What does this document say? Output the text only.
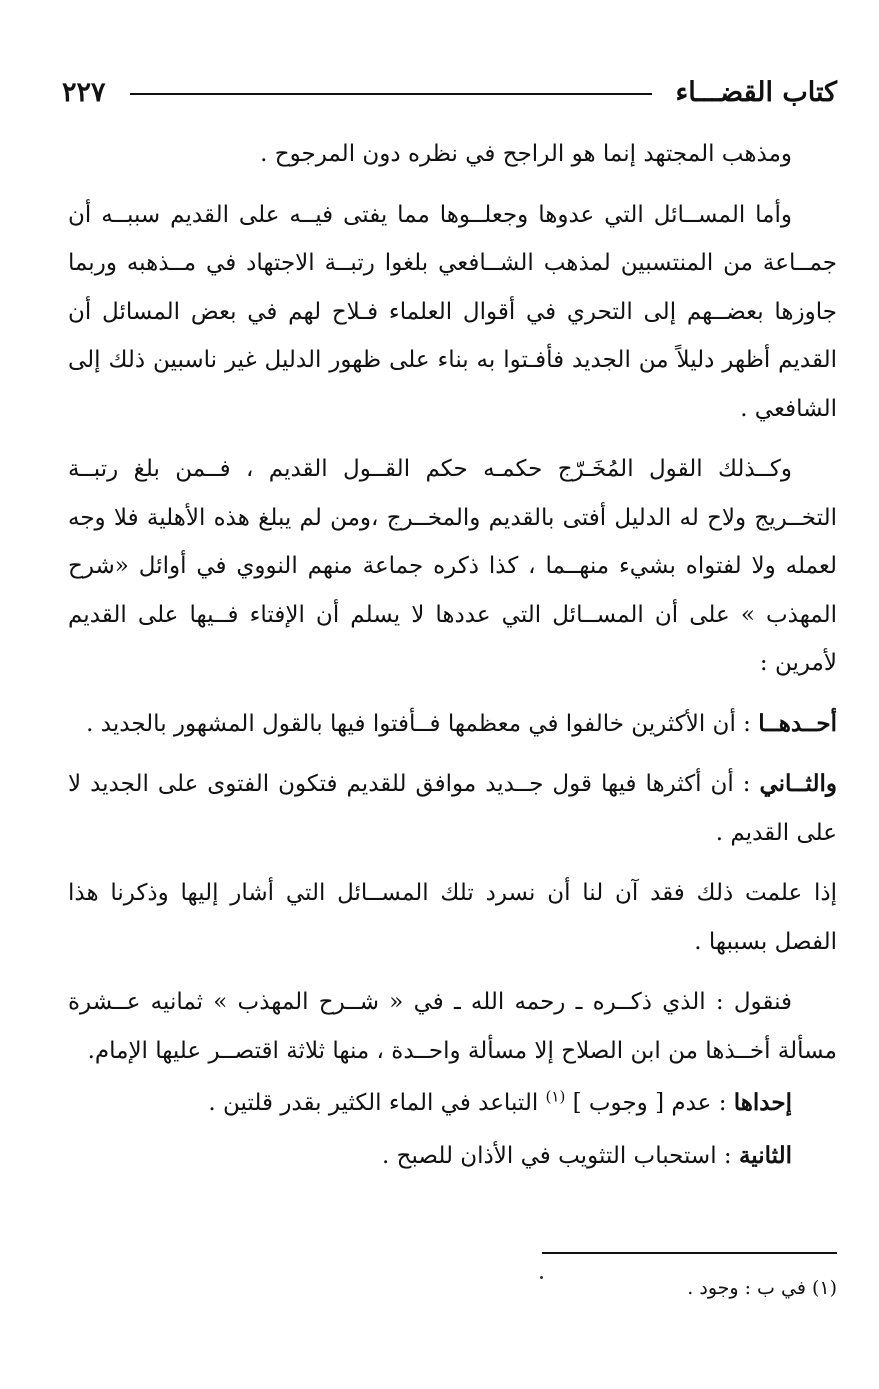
كتاب القضـــاء
٢٢٧

ومذهب المجتهد إنما هو الراجح في نظره دون المرجوح .

وأما المســائل التي عدوها وجعلــوها مما يفتى فيــه على القديم سببــه أن جمــاعة من المنتسبين لمذهب الشــافعي بلغوا رتبــة الاجتهاد في مــذهبه وربما جاوزها بعضــهم إلى التحري في أقوال العلماء فـلاح لهم في بعض المسائل أن القديم أظهر دليلاً من الجديد فأفـتوا به بناء على ظهور الدليل غير ناسبين ذلك إلى الشافعي .

وكــذلك القول المُخَـرّج حكمـه حكم القــول القديم ، فــمن بلغ رتبــة التخــريج ولاح له الدليل أفتى بالقديم والمخــرج ،ومن لم يبلغ هذه الأهلية فلا وجه لعمله ولا لفتواه بشيء منهــما ، كذا ذكره جماعة منهم النووي في أوائل «شرح المهذب » على أن المســائل التي عددها لا يسلم أن الإفتاء فــيها على القديم لأمرين :

أحــدهــا : أن الأكثرين خالفوا في معظمها فــأفتوا فيها بالقول المشهور بالجديد .

والثــاني : أن أكثرها فيها قول جــديد موافق للقديم فتكون الفتوى على الجديد لا على القديم .

إذا علمت ذلك فقد آن لنا أن نسرد تلك المســائل التي أشار إليها وذكرنا هذا الفصل بسببها .

فنقول : الذي ذكــره ـ رحمه الله ـ في « شــرح المهذب » ثمانيه عــشرة مسألة أخــذها من ابن الصلاح إلا مسألة واحــدة ، منها ثلاثة اقتصــر عليها الإمام.

إحداها : عدم [ وجوب ] $^{(١)}$ التباعد في الماء الكثير بقدر قلتين .

الثانية : استحباب التثويب في الأذان للصبح .

(١) في ب : وجود .
